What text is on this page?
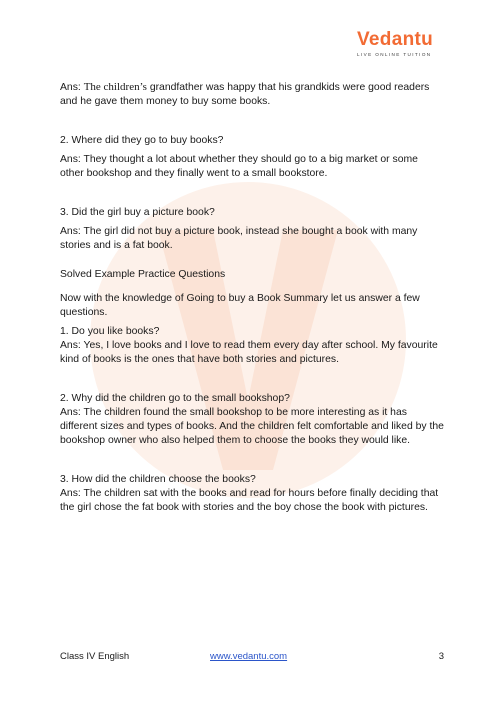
Vedantu
LIVE ONLINE TUITION

Ans: The children’s grandfather was happy that his grandkids were good readers and he gave them money to buy some books.

2. Where did they go to buy books?

Ans: They thought a lot about whether they should go to a big market or some other bookshop and they finally went to a small bookstore.

3. Did the girl buy a picture book?

Ans: The girl did not buy a picture book, instead she bought a book with many stories and is a fat book.

Solved Example Practice Questions

Now with the knowledge of Going to buy a Book Summary let us answer a few questions.

1. Do you like books?

Ans: Yes, I love books and I love to read them every day after school. My favourite kind of books is the ones that have both stories and pictures.

2. Why did the children go to the small bookshop?

Ans: The children found the small bookshop to be more interesting as it has different sizes and types of books. And the children felt comfortable and liked by the bookshop owner who also helped them to choose the books they would like.

3. How did the children choose the books?

Ans: The children sat with the books and read for hours before finally deciding that the girl chose the fat book with stories and the boy chose the book with pictures.

Class IV English	www.vedantu.com	3
